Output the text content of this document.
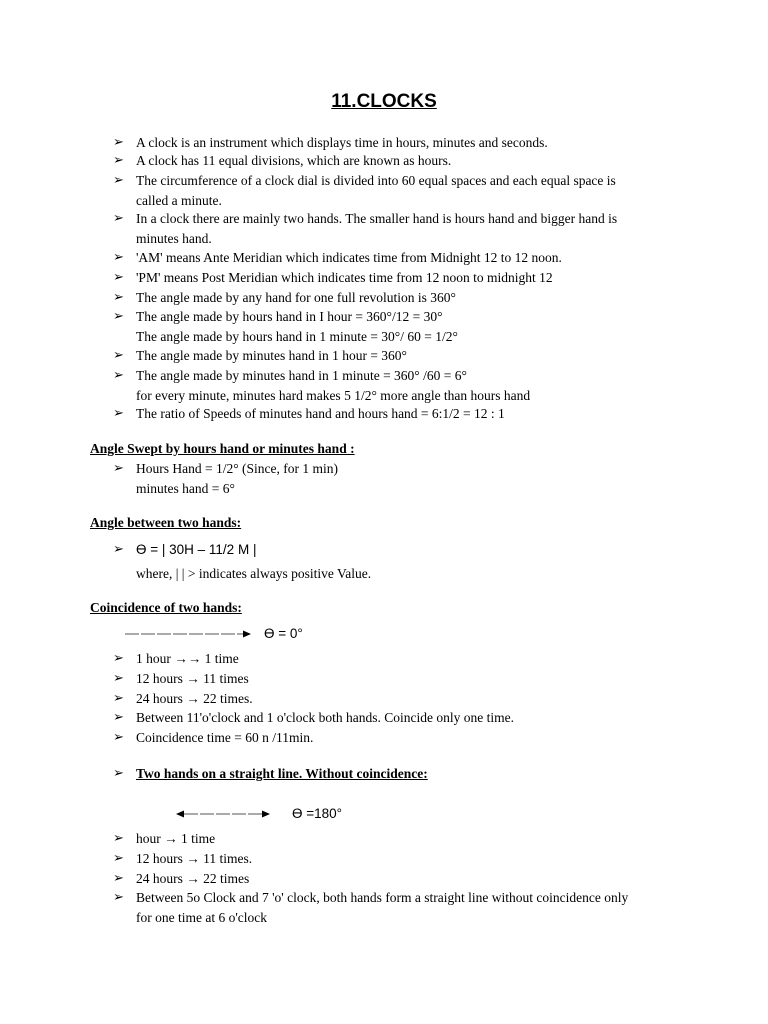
11.CLOCKS
➢ A clock is an instrument which displays time in hours, minutes and seconds.
➢ A clock has 11 equal divisions, which are known as hours.
➢ The circumference of a clock dial is divided into 60 equal spaces and each equal space is
called a minute.
➢ In a clock there are mainly two hands. The smaller hand is hours hand and bigger hand is
minutes hand.
➢ 'AM' means Ante Meridian which indicates time from Midnight 12 to 12 noon.
➢ 'PM' means Post Meridian which indicates time from 12 noon to midnight 12
➢ The angle made by any hand for one full revolution is 360°
➢ The angle made by hours hand in I hour = 360°/12 = 30°
The angle made by hours hand in 1 minute = 30°/ 60 = 1/2°
➢ The angle made by minutes hand in 1 hour = 360°
➢ The angle made by minutes hand in 1 minute = 360° /60 = 6°
for every minute, minutes hard makes 5 1/2° more angle than hours hand
➢ The ratio of Speeds of minutes hand and hours hand = 6:1/2 = 12 : 1
Angle Swept by hours hand or minutes hand :
➢ Hours Hand = 1/2° (Since, for 1 min)
minutes hand = 6°
Angle between two hands:
➢ ϴ = | 30H – 11/2 M |
where, | | > indicates always positive Value.
Coincidence of two hands:
ϴ = 0°
➢ 1 hour →→ 1 time
➢ 12 hours → 11 times
➢ 24 hours → 22 times.
➢ Between 11'o'clock and 1 o'clock both hands. Coincide only one time.
➢ Coincidence time = 60 n /11min.
➢ Two hands on a straight line. Without coincidence:
ϴ =180°
➢ hour → 1 time
➢ 12 hours → 11 times.
➢ 24 hours → 22 times
➢ Between 5o Clock and 7 'o' clock, both hands form a straight line without coincidence only
for one time at 6 o'clock
